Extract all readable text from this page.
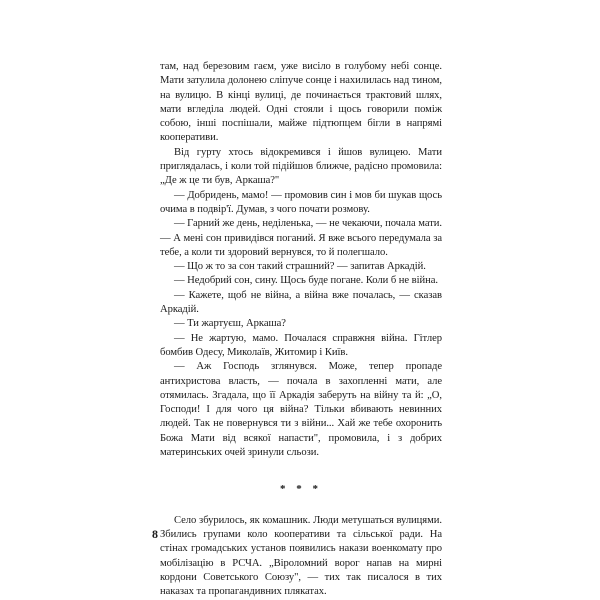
там, над березовим гаєм, уже висіло в голубому небі сонце. Мати затулила долонею сліпуче сонце і нахилилась над тином, на вулицю. В кінці вулиці, де починається трактовий шлях, мати вгледіла людей. Одні стояли і щось говорили поміж собою, інші поспішали, майже підтюпцем бігли в напрямі кооперативи.

Від гурту хтось відокремився і йшов вулицею. Мати приглядалась, і коли той підійшов ближче, радісно промовила: „Де ж це ти був, Аркаша?"

— Добридень, мамо! — промовив син і мов би шукав щось очима в подвір'ї. Думав, з чого почати розмову.

— Гарний же день, неділенька, — не чекаючи, почала мати. — А мені сон привидівся поганий. Я вже всього передумала за тебе, а коли ти здоровий вернувся, то й полегшало.

— Що ж то за сон такий страшний? — запитав Аркадій.

— Недобрий сон, сину. Щось буде погане. Коли б не війна.

— Кажете, щоб не війна, а війна вже почалась, — сказав Аркадій.

— Ти жартуєш, Аркаша?

— Не жартую, мамо. Почалася справжня війна. Гітлер бомбив Одесу, Миколаїв, Житомир і Київ.

— Аж Господь зглянувся. Може, тепер пропаде антихристова власть, — почала в захопленні мати, але отямилась. Згадала, що її Аркадія заберуть на війну та й: „О, Господи! І для чого ця війна? Тільки вбивають невинних людей. Так не повернувся ти з війни... Хай же тебе охоронить Божа Мати від всякої напасти", промовила, і з добрих материнських очей зринули сльози.

* * *

Село збурилось, як комашник. Люди метушаться вулицями. Збились групами коло кооперативи та сільської ради. На стінах громадських установ появились накази военкомату про мобілізацію в РСЧА. „Віроломний ворог напав на мирні кордони Советського Союзу", — тих так писалося в тих наказах та пропагандивних плякатах.

8
